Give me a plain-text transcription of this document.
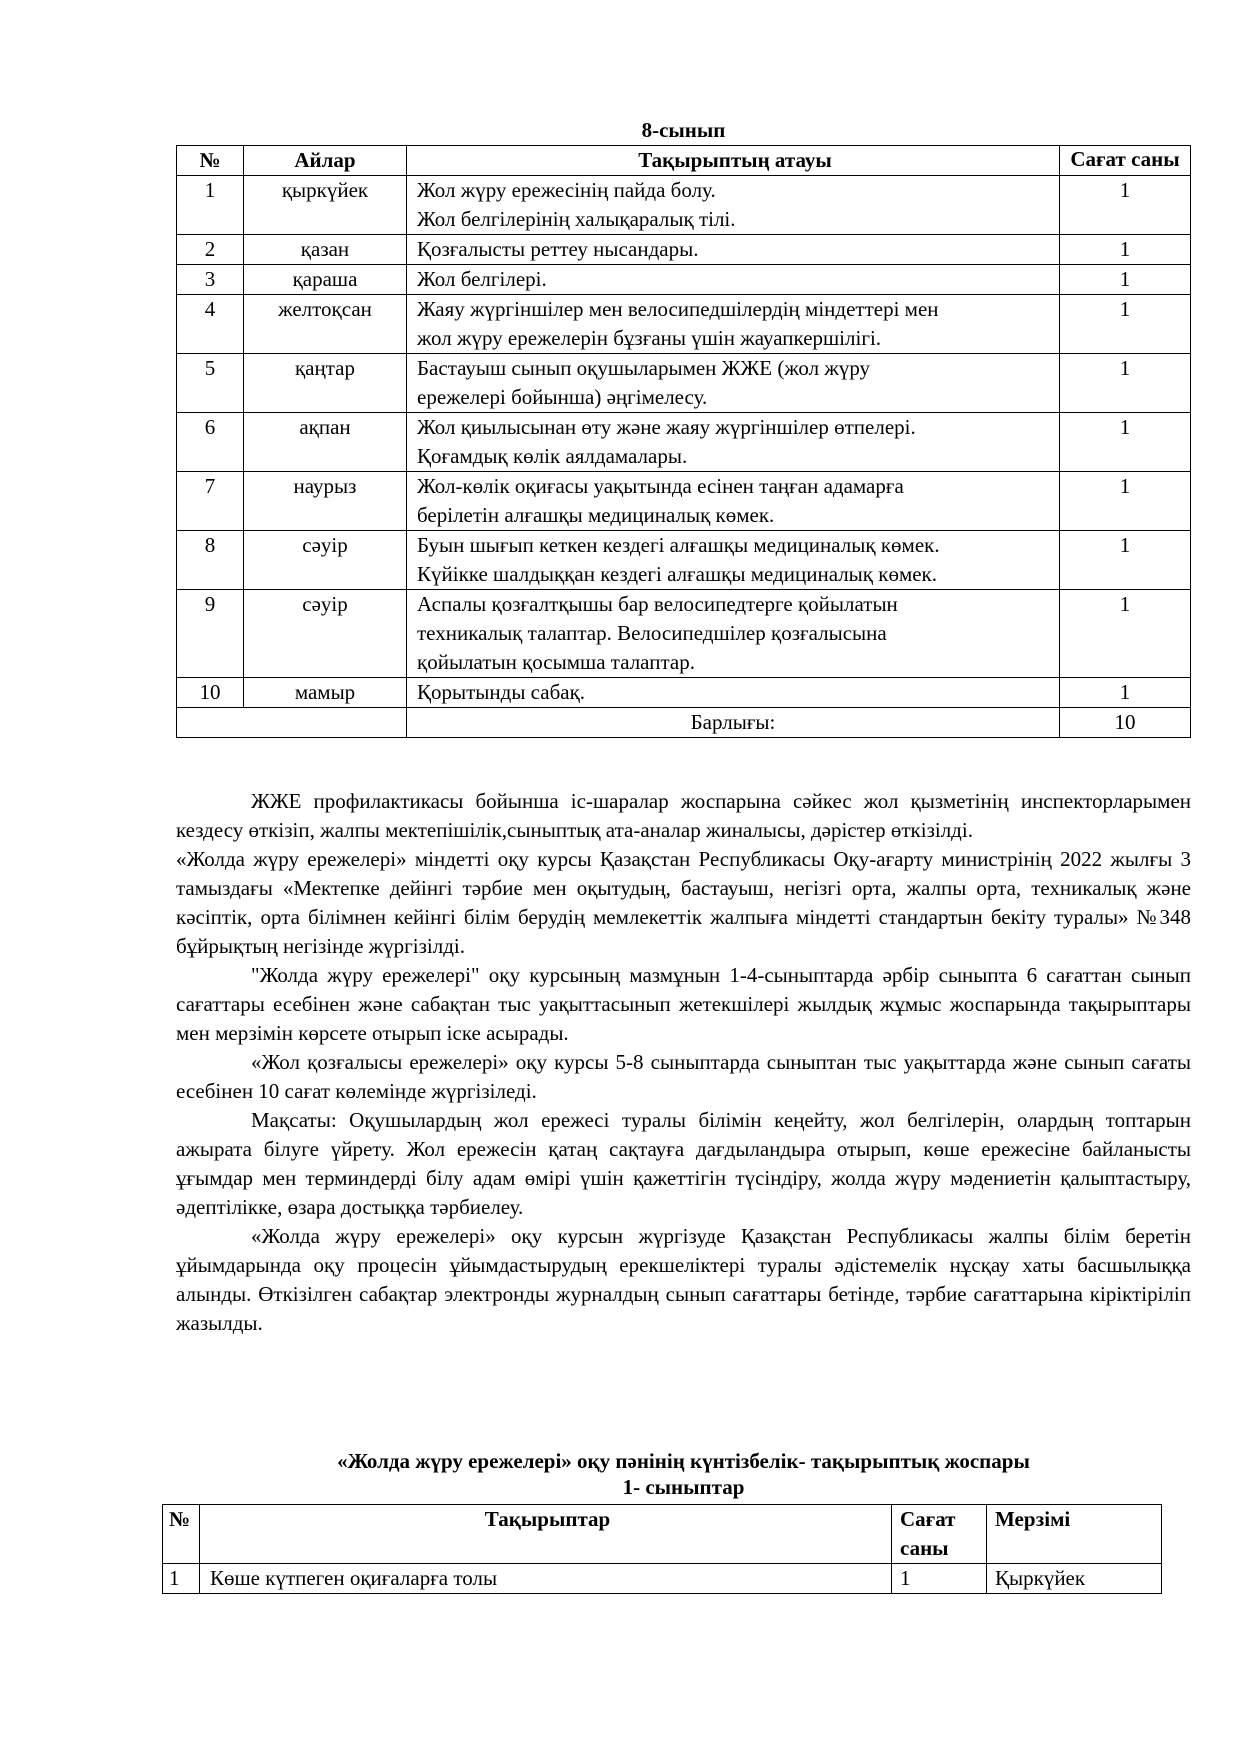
8-сынып
№	Айлар	Тақырыптың атауы	Сағат саны
1	қыркүйек	Жол жүру ережесінің пайда болу.
Жол белгілерінің халықаралық тілі.	1
2	қазан	Қозғалысты реттеу нысандары.	1
3	қараша	Жол белгілері.	1
4	желтоқсан	Жаяу жүргіншілер мен велосипедшілердің міндеттері мен
жол жүру ережелерін бұзғаны үшін жауапкершілігі.	1
5	қаңтар	Бастауыш сынып оқушыларымен ЖЖЕ (жол жүру
ережелері бойынша) әңгімелесу.	1
6	ақпан	Жол қиылысынан өту және жаяу жүргіншілер өтпелері.
Қоғамдық көлік аялдамалары.	1
7	наурыз	Жол-көлік оқиғасы уақытында есінен таңған адамарға
берілетін алғашқы медициналық көмек.	1
8	сәуір	Буын шығып кеткен кездегі алғашқы медициналық көмек.
Күйікке шалдыққан кездегі алғашқы медициналық көмек.	1
9	сәуір	Аспалы қозғалтқышы бар велосипедтерге қойылатын
техникалық талаптар. Велосипедшілер қозғалысына
қойылатын қосымша талаптар.	1
10	мамыр	Қорытынды сабақ.	1
		Барлығы:	10

ЖЖЕ профилактикасы бойынша іс-шаралар жоспарына сәйкес жол қызметінің инспекторларымен кездесу өткізіп, жалпы мектепішілік,сыныптық ата-аналар жиналысы, дәрістер өткізілді.

«Жолда жүру ережелері» міндетті оқу курсы Қазақстан Республикасы Оқу-ағарту министрінің 2022 жылғы 3 тамыздағы «Мектепке дейінгі тәрбие мен оқытудың, бастауыш, негізгі орта, жалпы орта, техникалық және кәсіптік, орта білімнен кейінгі білім берудің мемлекеттік жалпыға міндетті стандартын бекіту туралы» №348 бұйрықтың негізінде жүргізілді.

"Жолда жүру ережелері" оқу курсының мазмұнын 1-4-сыныптарда әрбір сыныпта 6 сағаттан сынып сағаттары есебінен және сабақтан тыс уақыттасынып жетекшілері жылдық жұмыс жоспарында тақырыптары мен мерзімін көрсете отырып іске асырады.

«Жол қозғалысы ережелері» оқу курсы 5-8 сыныптарда сыныптан тыс уақыттарда және сынып сағаты есебінен 10 сағат көлемінде жүргізіледі.

Мақсаты: Оқушылардың жол ережесі туралы білімін кеңейту, жол белгілерін, олардың топтарын ажырата білуге үйрету. Жол ережесін қатаң сақтауға дағдыландыра отырып, көше ережесіне байланысты ұғымдар мен терминдерді білу адам өмірі үшін қажеттігін түсіндіру, жолда жүру мәдениетін қалыптастыру, әдептілікке, өзара достыққа тәрбиелеу.

«Жолда жүру ережелері» оқу курсын жүргізуде Қазақстан Республикасы жалпы білім беретін ұйымдарында оқу процесін ұйымдастырудың ерекшеліктері туралы әдістемелік нұсқау хаты басшылыққа алынды. Өткізілген сабақтар электронды журналдың сынып сағаттары бетінде, тәрбие сағаттарына кіріктіріліп жазылды.

«Жолда жүру ережелері» оқу пәнінің күнтізбелік- тақырыптық жоспары
1- сыныптар
№	Тақырыптар	Сағат саны	Мерзімі
1	Көше күтпеген оқиғаларға толы	1	Қыркүйек
